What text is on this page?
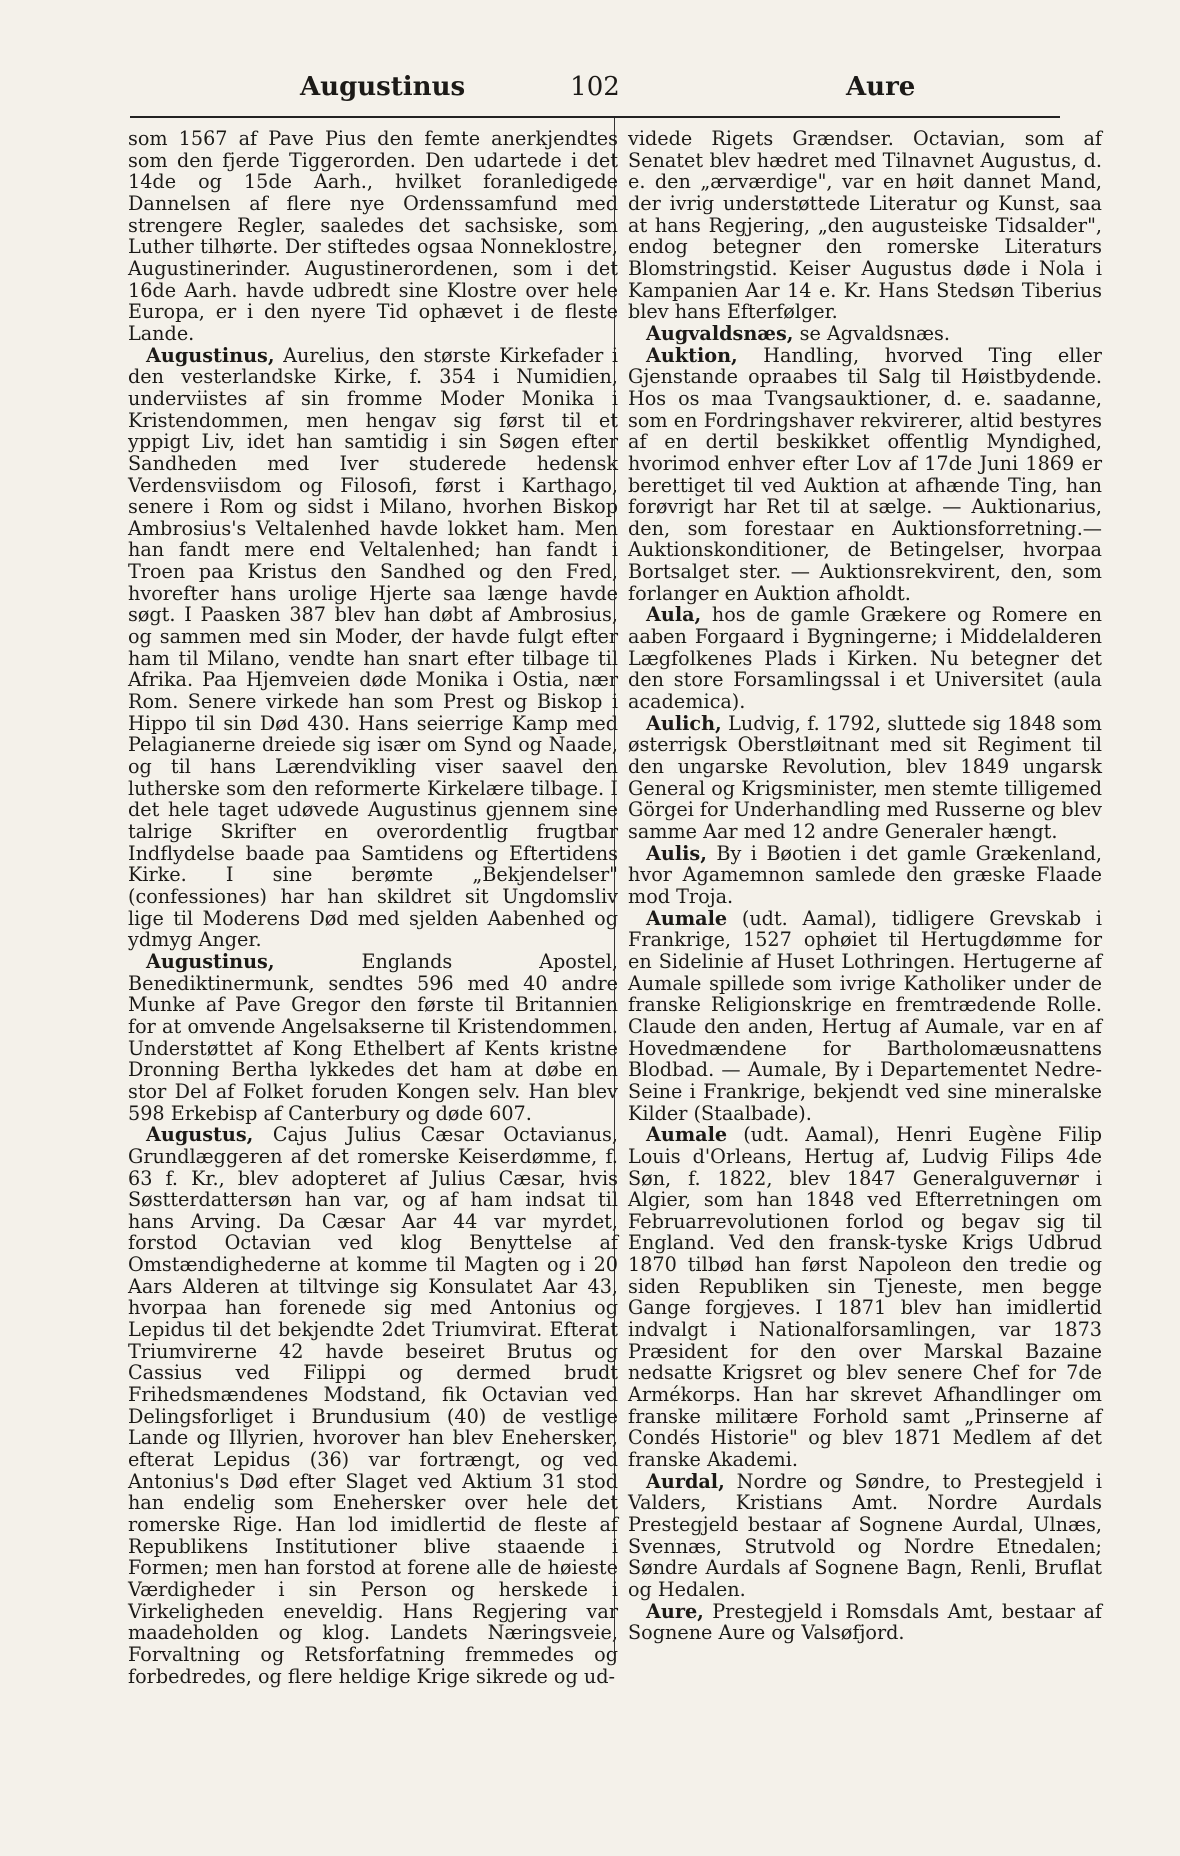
Augustinus	102	Aure

som 1567 af Pave Pius den femte anerkjendtes som den fjerde Tiggerorden. Den udartede i det 14de og 15de Aarh., hvilket foranledigede Dannelsen af flere nye Ordenssamfund med strengere Regler, saaledes det sachsiske, som Luther tilhørte. Der stiftedes ogsaa Nonneklostre, Augustinerinder. Augustinerordenen, som i det 16de Aarh. havde udbredt sine Klostre over hele Europa, er i den nyere Tid ophævet i de fleste Lande.

Augustinus, Aurelius, den største Kirkefader i den vesterlandske Kirke, f. 354 i Numidien, underviistes af sin fromme Moder Monika i Kristendommen, men hengav sig først til et yppigt Liv, idet han samtidig i sin Søgen efter Sandheden med Iver studerede hedensk Verdensviisdom og Filosofi, først i Karthago, senere i Rom og sidst i Milano, hvorhen Biskop Ambrosius's Veltalenhed havde lokket ham. Men han fandt mere end Veltalenhed; han fandt i Troen paa Kristus den Sandhed og den Fred, hvorefter hans urolige Hjerte saa længe havde søgt. I Paasken 387 blev han døbt af Ambrosius, og sammen med sin Moder, der havde fulgt efter ham til Milano, vendte han snart efter tilbage til Afrika. Paa Hjemveien døde Monika i Ostia, nær Rom. Senere virkede han som Prest og Biskop i Hippo til sin Død 430. Hans seierrige Kamp med Pelagianerne dreiede sig især om Synd og Naade, og til hans Lærendvikling viser saavel den lutherske som den reformerte Kirkelære tilbage. I det hele taget udøvede Augustinus gjennem sine talrige Skrifter en overordentlig frugtbar Indflydelse baade paa Samtidens og Eftertidens Kirke. I sine berømte „Bekjendelser" (confessiones) har han skildret sit Ungdomsliv lige til Moderens Død med sjelden Aabenhed og ydmyg Anger.

Augustinus,	Englands Apostel, Benediktinermunk, sendtes 596 med 40 andre Munke af Pave Gregor den første til Britannien for at omvende Angelsakserne til Kristendommen. Understøttet af Kong Ethelbert af Kents kristne Dronning Bertha lykkedes det ham at døbe en stor Del af Folket foruden Kongen selv. Han blev 598 Erkebisp af Canterbury og døde 607.

Augustus, Cajus Julius Cæsar Octavianus, Grundlæggeren af det romerske Keiserdømme, f. 63 f. Kr., blev adopteret af Julius Cæsar, hvis Søstterdattersøn han var, og af ham indsat til hans Arving. Da Cæsar Aar 44 var myrdet, forstod Octavian ved klog Benyttelse af Omstændighederne at komme til Magten og i 20 Aars Alderen at tiltvinge sig Konsulatet Aar 43, hvorpaa han forenede sig med Antonius og Lepidus til det bekjendte 2det Triumvirat. Efterat Triumvirerne 42 havde beseiret Brutus og Cassius ved Filippi og dermed brudt Frihedsmændenes Modstand, fik Octavian ved Delingsforliget i Brundusium (40) de vestlige Lande og Illyrien, hvorover han blev Enehersker, efterat Lepidus (36) var fortrængt, og ved Antonius's Død efter Slaget ved Aktium 31 stod han endelig som Enehersker over hele det romerske Rige. Han lod imidlertid de fleste af Republikens Institutioner blive staaende i Formen; men han forstod at forene alle de høieste Værdigheder i sin Person og herskede i Virkeligheden eneveldig. Hans Regjering var maadeholden og klog. Landets Næringsveie, Forvaltning og Retsforfatning fremmedes og forbedredes, og flere heldige Krige sikrede og ud-

videde Rigets Grændser. Octavian, som af Senatet blev hædret med Tilnavnet Augustus, d. e. den „ærværdige", var en høit dannet Mand, der ivrig understøttede Literatur og Kunst, saa at hans Regjering, „den augusteiske Tidsalder", endog betegner den romerske Literaturs Blomstringstid. Keiser Augustus døde i Nola i Kampanien Aar 14 e. Kr. Hans Stedsøn Tiberius blev hans Efterfølger.

Augvaldsnæs, se Agvaldsnæs.

Auktion, Handling, hvorved Ting eller Gjenstande opraabes til Salg til Høistbydende. Hos os maa Tvangsauktioner, d. e. saadanne, som en Fordringshaver rekvirerer, altid bestyres af en dertil beskikket offentlig Myndighed, hvorimod enhver efter Lov af 17de Juni 1869 er berettiget til ved Auktion at afhænde Ting, han forøvrigt har Ret til at sælge. — Auktionarius, den, som forestaar en Auktionsforretning.— Auktionskonditioner, de Betingelser, hvorpaa Bortsalget ster. — Auktionsrekvirent, den, som forlanger en Auktion afholdt.

Aula, hos de gamle Grækere og Romere en aaben Forgaard i Bygningerne; i Middelalderen Lægfolkenes Plads i Kirken. Nu betegner det den store Forsamlingssal i et Universitet (aula academica).

Aulich, Ludvig, f. 1792, sluttede sig 1848 som østerrigsk Oberstløitnant med sit Regiment til den ungarske Revolution, blev 1849 ungarsk General og Krigsminister, men stemte tilligemed Görgei for Underhandling med Russerne og blev samme Aar med 12 andre Generaler hængt.

Aulis, By i Bøotien i det gamle Grækenland, hvor Agamemnon samlede den græske Flaade mod Troja.

Aumale (udt. Aamal), tidligere Grevskab i Frankrige, 1527 ophøiet til Hertugdømme for en Sidelinie af Huset Lothringen. Hertugerne af Aumale spillede som ivrige Katholiker under de franske Religionskrige en fremtrædende Rolle. Claude den anden, Hertug af Aumale, var en af Hovedmændene for Bartholomæusnattens Blodbad. — Aumale, By i Departementet Nedre-Seine i Frankrige, bekjendt ved sine mineralske Kilder (Staalbade).

Aumale (udt. Aamal), Henri Eugène Filip Louis d'Orleans, Hertug af, Ludvig Filips 4de Søn, f. 1822, blev 1847 Generalguvernør i Algier, som han 1848 ved Efterretningen om Februarrevolutionen forlod og begav sig til England. Ved den fransk-tyske Krigs Udbrud 1870 tilbød han først Napoleon den tredie og siden Republiken sin Tjeneste, men begge Gange forgjeves. I 1871 blev han imidlertid indvalgt i Nationalforsamlingen, var 1873 Præsident for den over Marskal Bazaine nedsatte Krigsret og blev senere Chef for 7de Armékorps. Han har skrevet Afhandlinger om franske militære Forhold samt „Prinserne af Condés Historie" og blev 1871 Medlem af det franske Akademi.

Aurdal, Nordre og Søndre, to Prestegjeld i Valders, Kristians Amt. Nordre Aurdals Prestegjeld bestaar af Sognene Aurdal, Ulnæs, Svennæs, Strutvold og Nordre Etnedalen; Søndre Aurdals af Sognene Bagn, Renli, Bruflat og Hedalen.

Aure, Prestegjeld i Romsdals Amt, bestaar af Sognene Aure og Valsøfjord.
